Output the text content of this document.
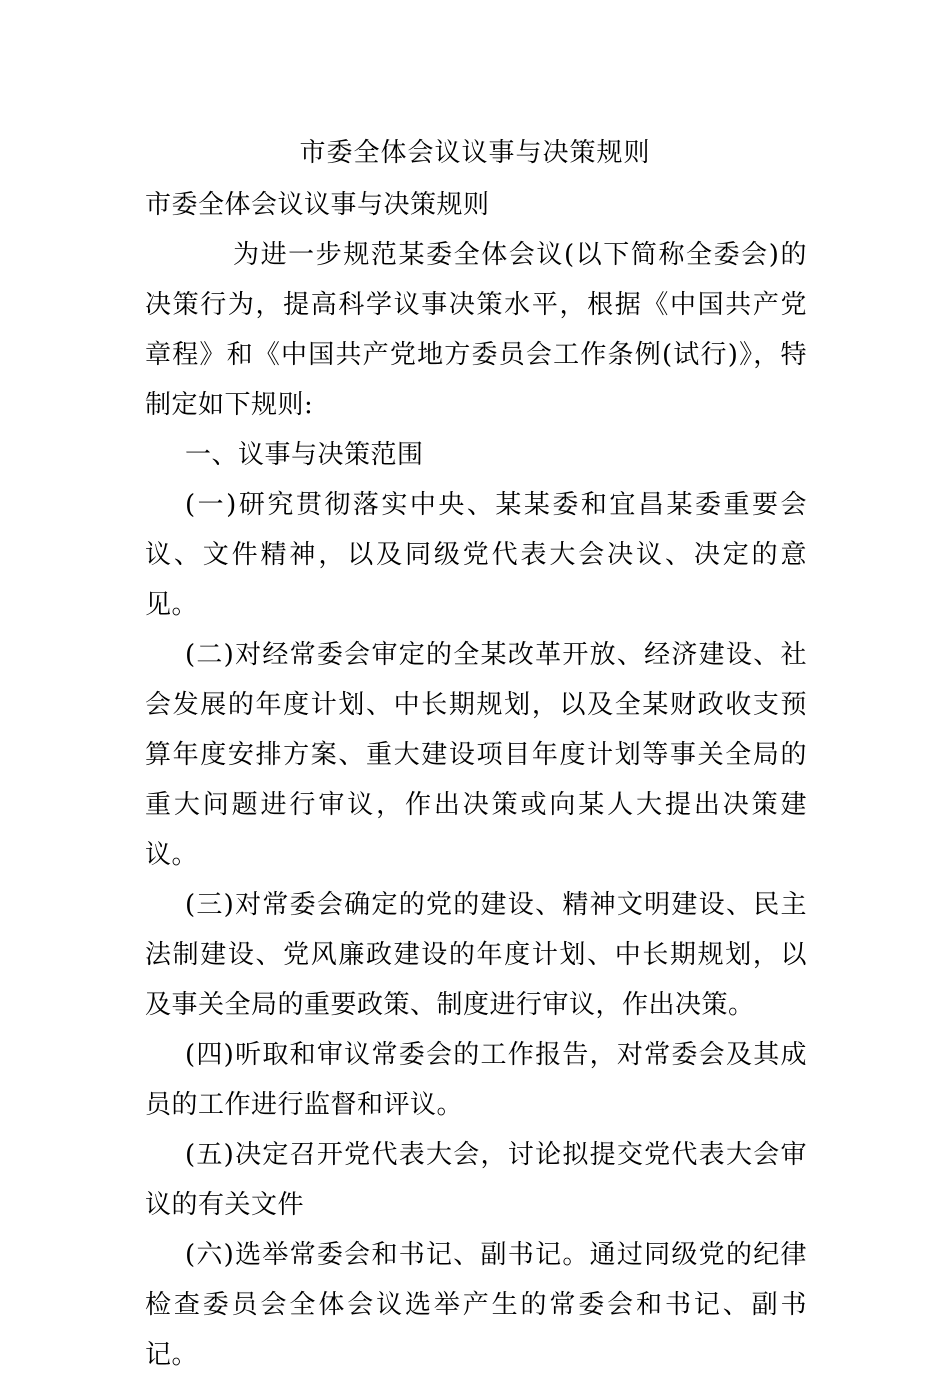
市委全体会议议事与决策规则

市委全体会议议事与决策规则

为进一步规范某委全体会议(以下简称全委会)的决策行为，提高科学议事决策水平，根据《中国共产党章程》和《中国共产党地方委员会工作条例(试行)》，特制定如下规则:

一、议事与决策范围

(一)研究贯彻落实中央、某某委和宜昌某委重要会议、文件精神，以及同级党代表大会决议、决定的意见。

(二)对经常委会审定的全某改革开放、经济建设、社会发展的年度计划、中长期规划，以及全某财政收支预算年度安排方案、重大建设项目年度计划等事关全局的重大问题进行审议，作出决策或向某人大提出决策建议。

(三)对常委会确定的党的建设、精神文明建设、民主法制建设、党风廉政建设的年度计划、中长期规划，以及事关全局的重要政策、制度进行审议，作出决策。

(四)听取和审议常委会的工作报告，对常委会及其成员的工作进行监督和评议。

(五)决定召开党代表大会，讨论拟提交党代表大会审议的有关文件

(六)选举常委会和书记、副书记。通过同级党的纪律检查委员会全体会议选举产生的常委会和书记、副书记。
